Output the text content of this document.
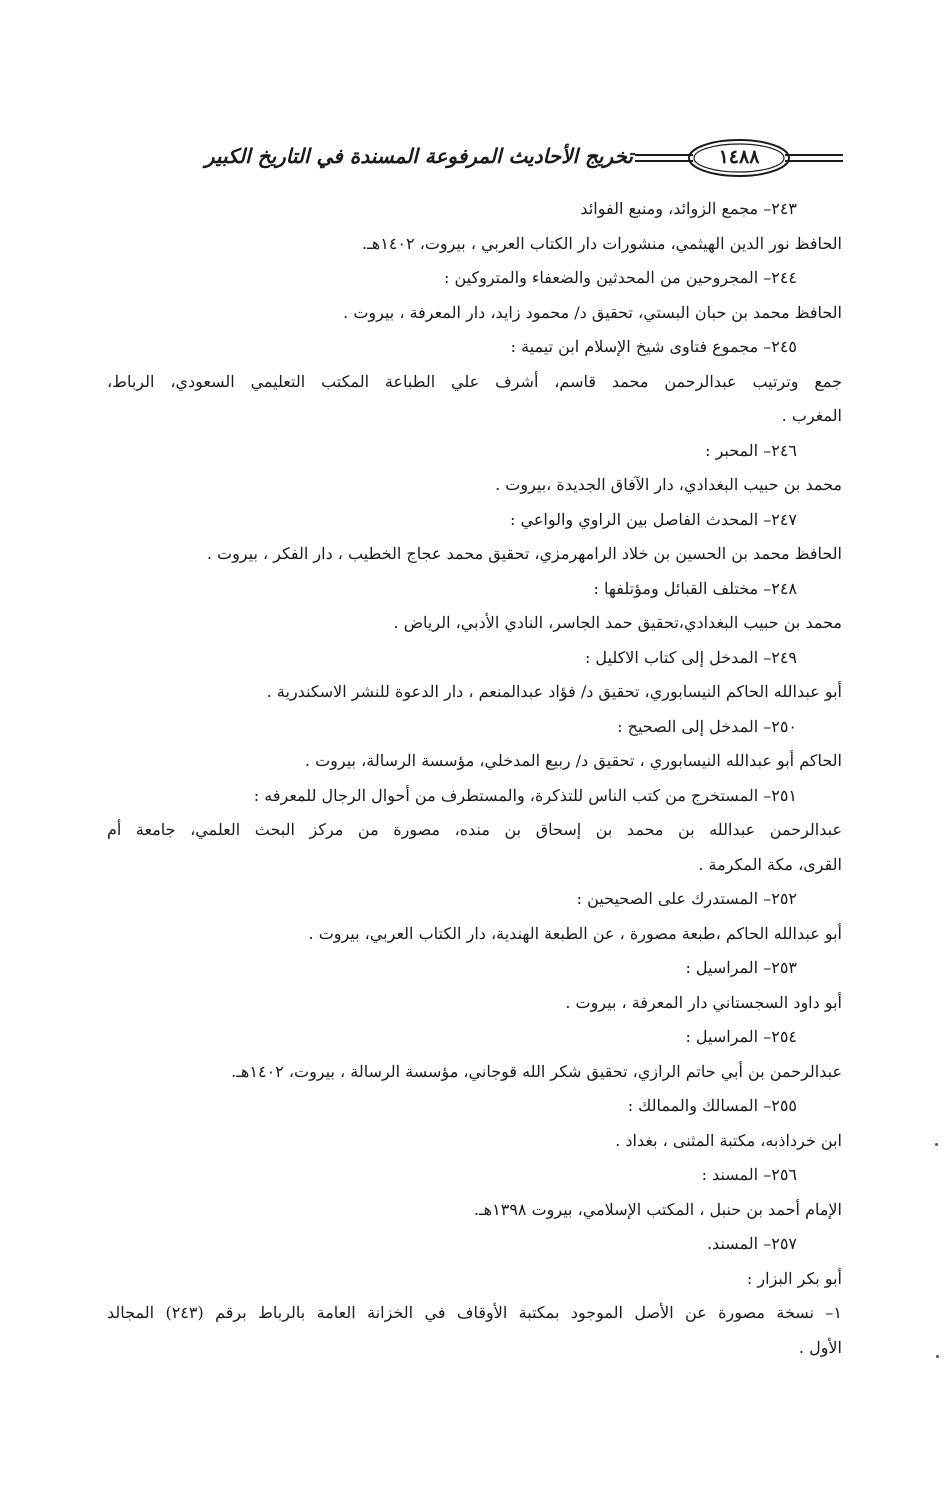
تخريج الأحاديث المرفوعة المسندة في التاريخ الكبير	١٤٨٨
٢٤٣– مجمع الزوائد، ومنبع الفوائد
الحافظ نور الدين الهيثمي، منشورات دار الكتاب العربي ، بيروت، ١٤٠٢هـ.
٢٤٤– المجروحين من المحدثين والضعفاء والمتروكين :
الحافظ محمد بن حبان البستي، تحقيق د/ محمود زايد، دار المعرفة ، بيروت .
٢٤٥– مجموع فتاوى شيخ الإسلام ابن تيمية :
جمع وترتيب عبدالرحمن محمد قاسم، أشرف علي الطباعة المكتب التعليمي السعودي، الرباط،
المغرب .
٢٤٦– المحبر :
محمد بن حبيب البغدادي، دار الآفاق الجديدة ،بيروت .
٢٤٧– المحدث الفاصل بين الراوي والواعي :
الحافظ محمد بن الحسين بن خلاد الرامهرمزي، تحقيق محمد عجاج الخطيب ، دار الفكر ، بيروت .
٢٤٨– مختلف القبائل ومؤتلفها :
محمد بن حبيب البغدادي،تحقيق حمد الجاسر، النادي الأدبي، الرياض .
٢٤٩– المدخل إلى كتاب الاكليل :
أبو عبدالله الحاكم النيسابوري، تحقيق د/ فؤاد عبدالمنعم ، دار الدعوة للنشر الاسكندرية .
٢٥٠– المدخل إلى الصحيح :
الحاكم أبو عبدالله النيسابوري ، تحقيق د/ ربيع المدخلي، مؤسسة الرسالة، بيروت .
٢٥١– المستخرج من كتب الناس للتذكرة، والمستطرف من أحوال الرجال للمعرفه :
عبدالرحمن عبدالله بن محمد بن إسحاق بن منده، مصورة من مركز البحث العلمي، جامعة أم
القرى، مكة المكرمة .
٢٥٢– المستدرك على الصحيحين :
أبو عبدالله الحاكم ،طبعة مصورة ، عن الطبعة الهندية، دار الكتاب العربي، بيروت .
٢٥٣– المراسيل :
أبو داود السجستاني دار المعرفة ، بيروت .
٢٥٤– المراسيل :
عبدالرحمن بن أبي حاتم الرازي، تحقيق شكر الله قوجاني، مؤسسة الرسالة ، بيروت، ١٤٠٢هـ.
٢٥٥– المسالك والممالك :
ابن خرداذبه، مكتبة المثنى ، بغداد .
٢٥٦– المسند :
الإمام أحمد بن حنبل ، المكتب الإسلامي، بيروت ١٣٩٨هـ.
٢٥٧– المسند.
أبو بكر البزار :
١– نسخة مصورة عن الأصل الموجود بمكتبة الأوقاف في الخزانة العامة بالرباط برقم (٢٤٣) المجالد
الأول .
